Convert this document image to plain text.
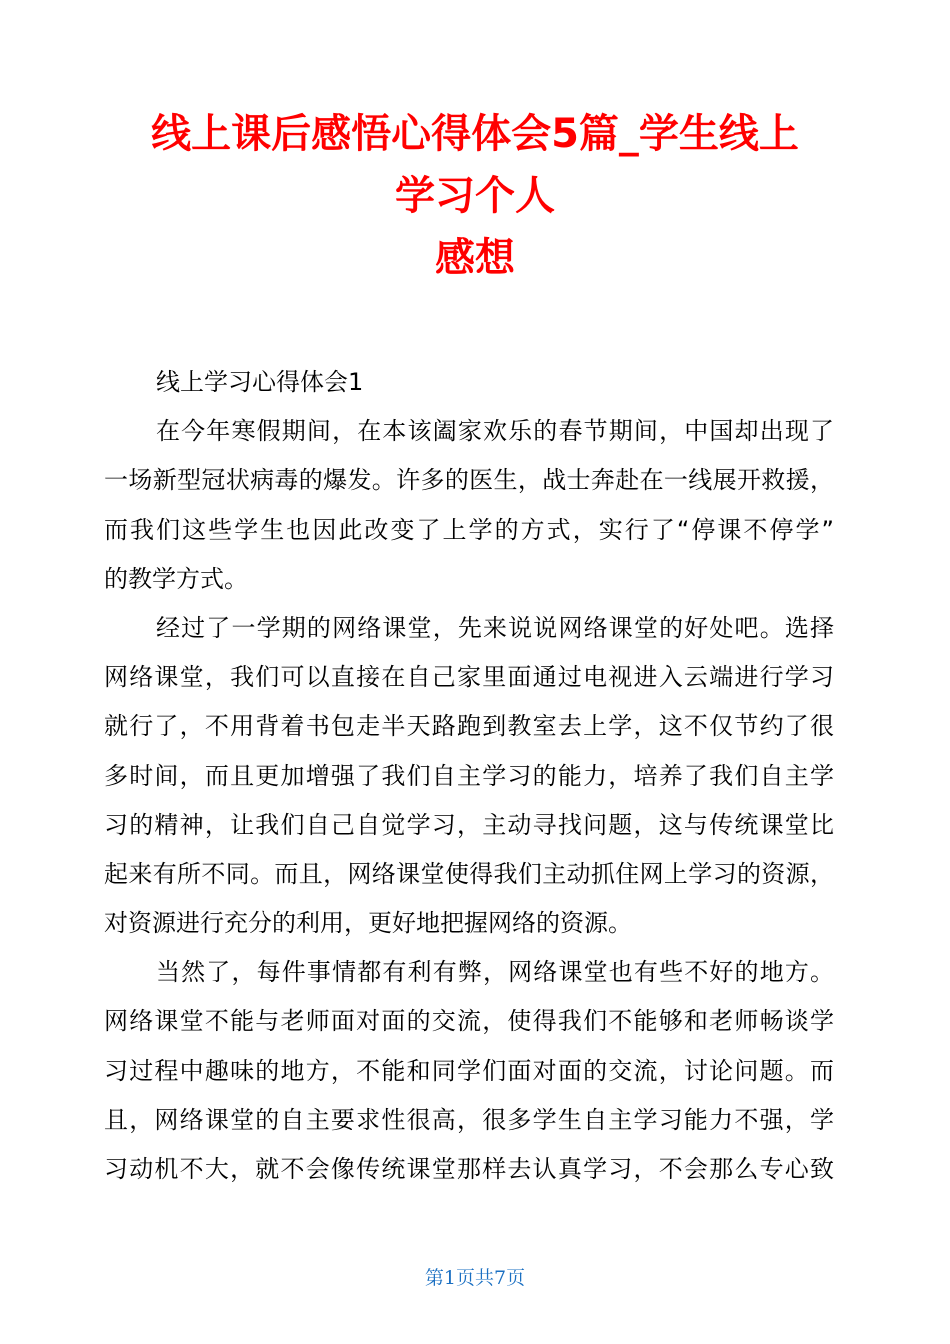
线上课后感悟心得体会5篇_学生线上
学习个人
感想

线上学习心得体会1

在今年寒假期间，在本该阖家欢乐的春节期间，中国却出现了

一场新型冠状病毒的爆发。许多的医生，战士奔赴在一线展开救援，

而我们这些学生也因此改变了上学的方式，实行了“停课不停学”

的教学方式。

经过了一学期的网络课堂，先来说说网络课堂的好处吧。选择

网络课堂，我们可以直接在自己家里面通过电视进入云端进行学习

就行了，不用背着书包走半天路跑到教室去上学，这不仅节约了很

多时间，而且更加增强了我们自主学习的能力，培养了我们自主学

习的精神，让我们自己自觉学习，主动寻找问题，这与传统课堂比

起来有所不同。而且，网络课堂使得我们主动抓住网上学习的资源，

对资源进行充分的利用，更好地把握网络的资源。

当然了，每件事情都有利有弊，网络课堂也有些不好的地方。

网络课堂不能与老师面对面的交流，使得我们不能够和老师畅谈学

习过程中趣味的地方，不能和同学们面对面的交流，讨论问题。而

且，网络课堂的自主要求性很高，很多学生自主学习能力不强，学

习动机不大，就不会像传统课堂那样去认真学习，不会那么专心致

第1页共7页
